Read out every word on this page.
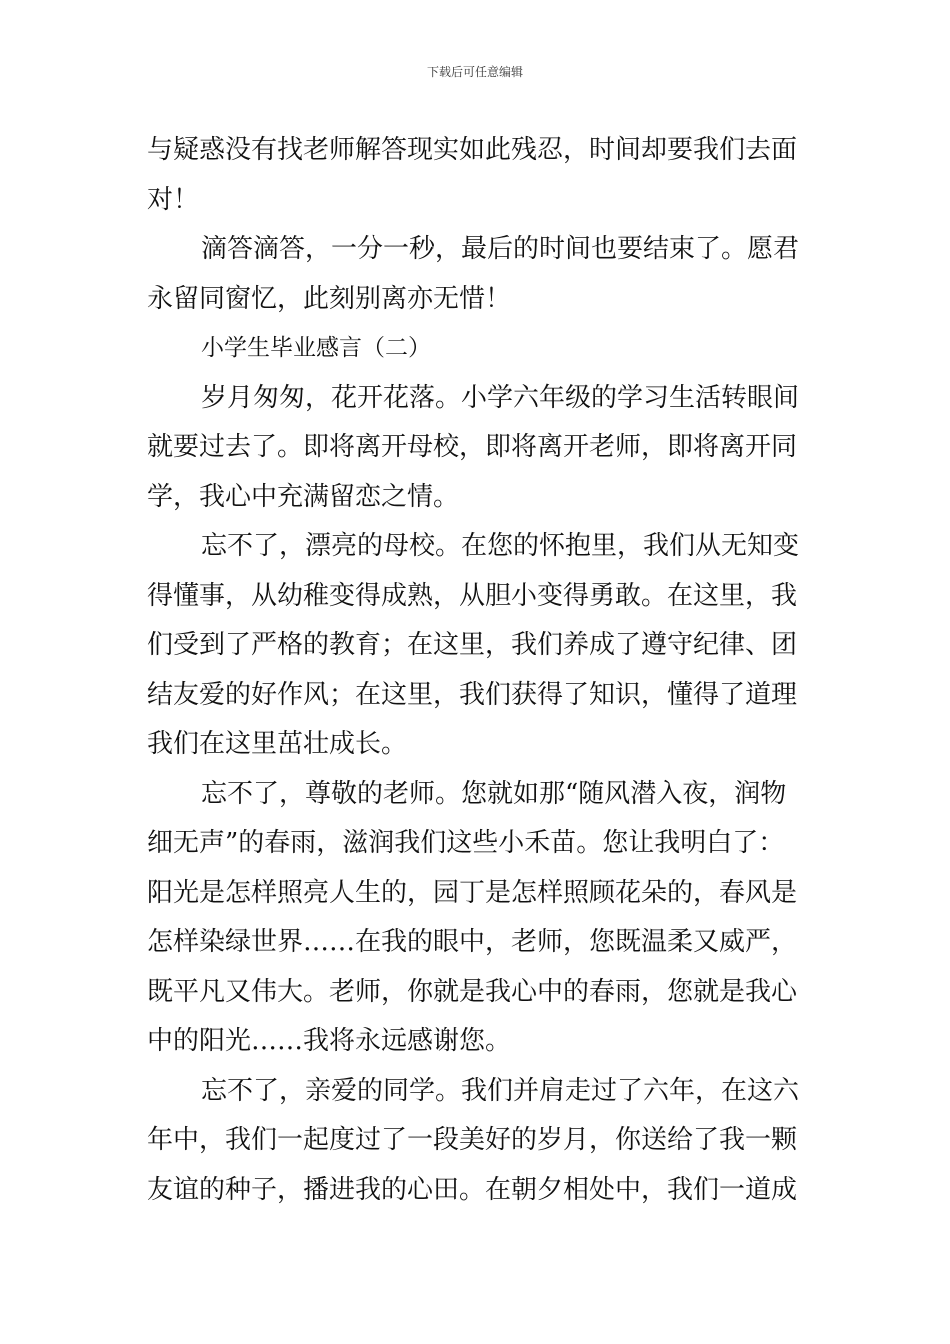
下载后可任意编辑
与疑惑没有找老师解答现实如此残忍，时间却要我们去面
对！
滴答滴答，一分一秒，最后的时间也要结束了。愿君
永留同窗忆，此刻别离亦无惜！
小学生毕业感言（二）
岁月匆匆，花开花落。小学六年级的学习生活转眼间
就要过去了。即将离开母校，即将离开老师，即将离开同
学，我心中充满留恋之情。
忘不了，漂亮的母校。在您的怀抱里，我们从无知变
得懂事，从幼稚变得成熟，从胆小变得勇敢。在这里，我
们受到了严格的教育；在这里，我们养成了遵守纪律、团
结友爱的好作风；在这里，我们获得了知识，懂得了道理
我们在这里茁壮成长。
忘不了，尊敬的老师。您就如那“随风潜入夜，润物
细无声”的春雨，滋润我们这些小禾苗。您让我明白了：
阳光是怎样照亮人生的，园丁是怎样照顾花朵的，春风是
怎样染绿世界……在我的眼中，老师，您既温柔又威严，
既平凡又伟大。老师，你就是我心中的春雨，您就是我心
中的阳光……我将永远感谢您。
忘不了，亲爱的同学。我们并肩走过了六年，在这六
年中，我们一起度过了一段美好的岁月，你送给了我一颗
友谊的种子，播进我的心田。在朝夕相处中，我们一道成
